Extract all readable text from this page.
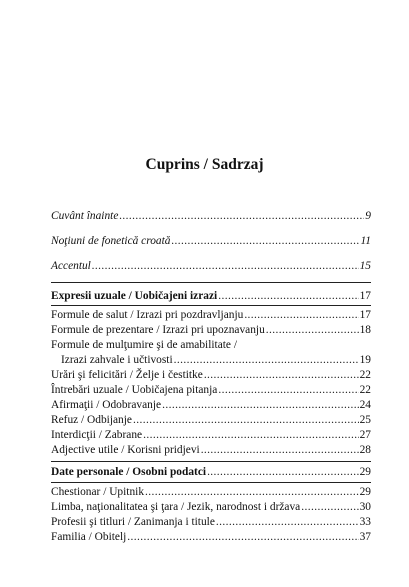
Cuprins / Sadrzaj
Cuvânt înainte .....	9
Noţiuni de fonetică croată .....	11
Accentul .....	15
Expresii uzuale / Uobičajeni izrazi .....	17
Formule de salut / Izrazi pri pozdravljanju .....	17
Formule de prezentare / Izrazi pri upoznavanju .....	18
Formule de mulţumire şi de amabilitate /
Izrazi zahvale i učtivosti .....	19
Urări şi felicitări / Želje i čestitke .....	22
Întrebări uzuale / Uobičajena pitanja .....	22
Afirmaţii / Odobravanje .....	24
Refuz / Odbijanje .....	25
Interdicţii / Zabrane .....	27
Adjective utile / Korisni pridjevi .....	28
Date personale / Osobni podatci .....	29
Chestionar / Upitnik .....	29
Limba, naţionalitatea şi ţara / Jezik, narodnost i država .....	30
Profesii şi titluri / Zanimanja i titule .....	33
Familia / Obitelj .....	37
